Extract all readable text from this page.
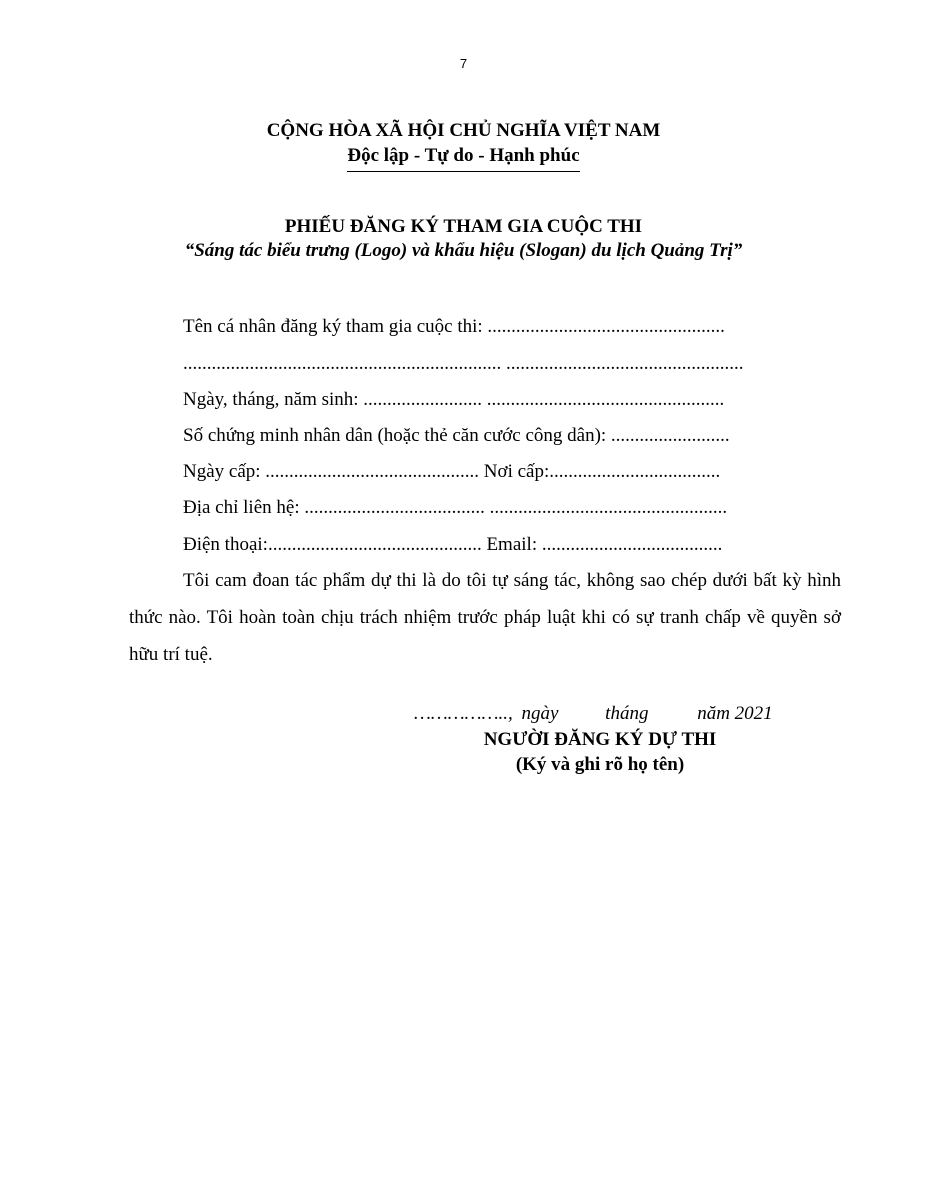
7
CỘNG HÒA XÃ HỘI CHỦ NGHĨA VIỆT NAM
Độc lập - Tự do - Hạnh phúc
PHIẾU ĐĂNG KÝ THAM GIA CUỘC THI
“Sáng tác biểu trưng (Logo) và khẩu hiệu (Slogan) du lịch Quảng Trị”
Tên cá nhân đăng ký tham gia cuộc thi: ..................................................
................................................................... ..................................................
Ngày, tháng, năm sinh: ......................... ..................................................
Số chứng minh nhân dân (hoặc thẻ căn cước công dân): .........................
Ngày cấp: ............................................. Nơi cấp:....................................
Địa chỉ liên hệ: ...................................... ..................................................
Điện thoại:............................................. Email: ......................................
Tôi cam đoan tác phẩm dự thi là do tôi tự sáng tác, không sao chép dưới bất kỳ hình thức nào. Tôi hoàn toàn chịu trách nhiệm trước pháp luật khi có sự tranh chấp về quyền sở hữu trí tuệ.
…………….., ngày tháng	năm 2021
NGƯỜI ĐĂNG KÝ DỰ THI
(Ký và ghi rõ họ tên)
